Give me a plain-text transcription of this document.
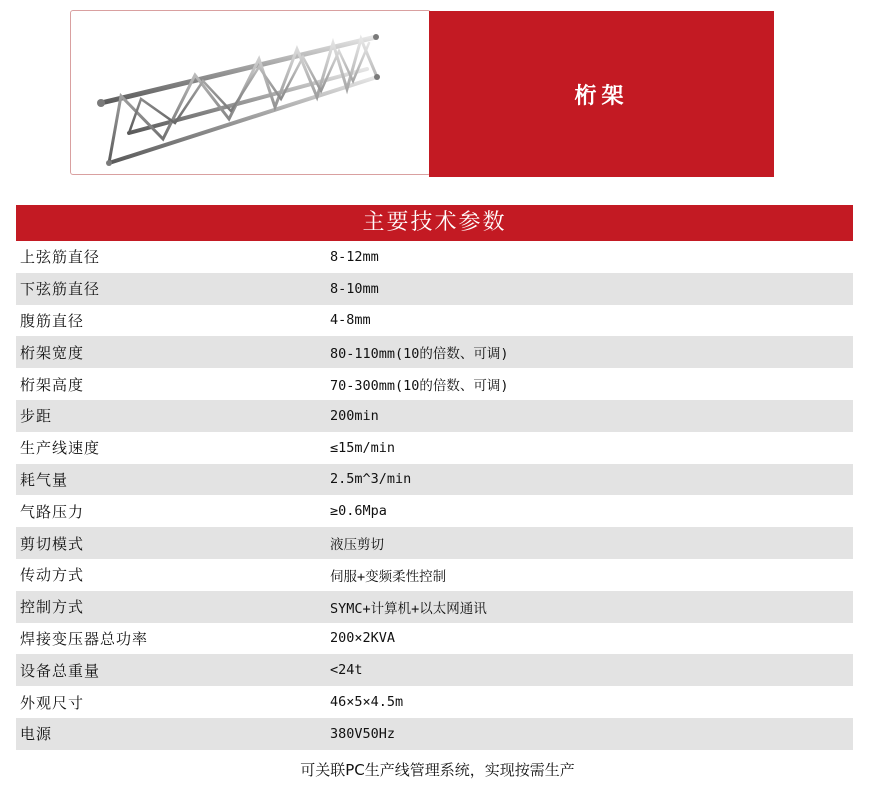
桁架
主要技术参数
上弦筋直径	8-12mm
下弦筋直径	8-10mm
腹筋直径	4-8mm
桁架宽度	80-110mm(10的倍数、可调)
桁架高度	70-300mm(10的倍数、可调)
步距	200min
生产线速度	≤15m/min
耗气量	2.5m^3/min
气路压力	≥0.6Mpa
剪切模式	液压剪切
传动方式	伺服+变频柔性控制
控制方式	SYMC+计算机+以太网通讯
焊接变压器总功率	200×2KVA
设备总重量	<24t
外观尺寸	46×5×4.5m
电源	380V50Hz
可关联PC生产线管理系统，实现按需生产
